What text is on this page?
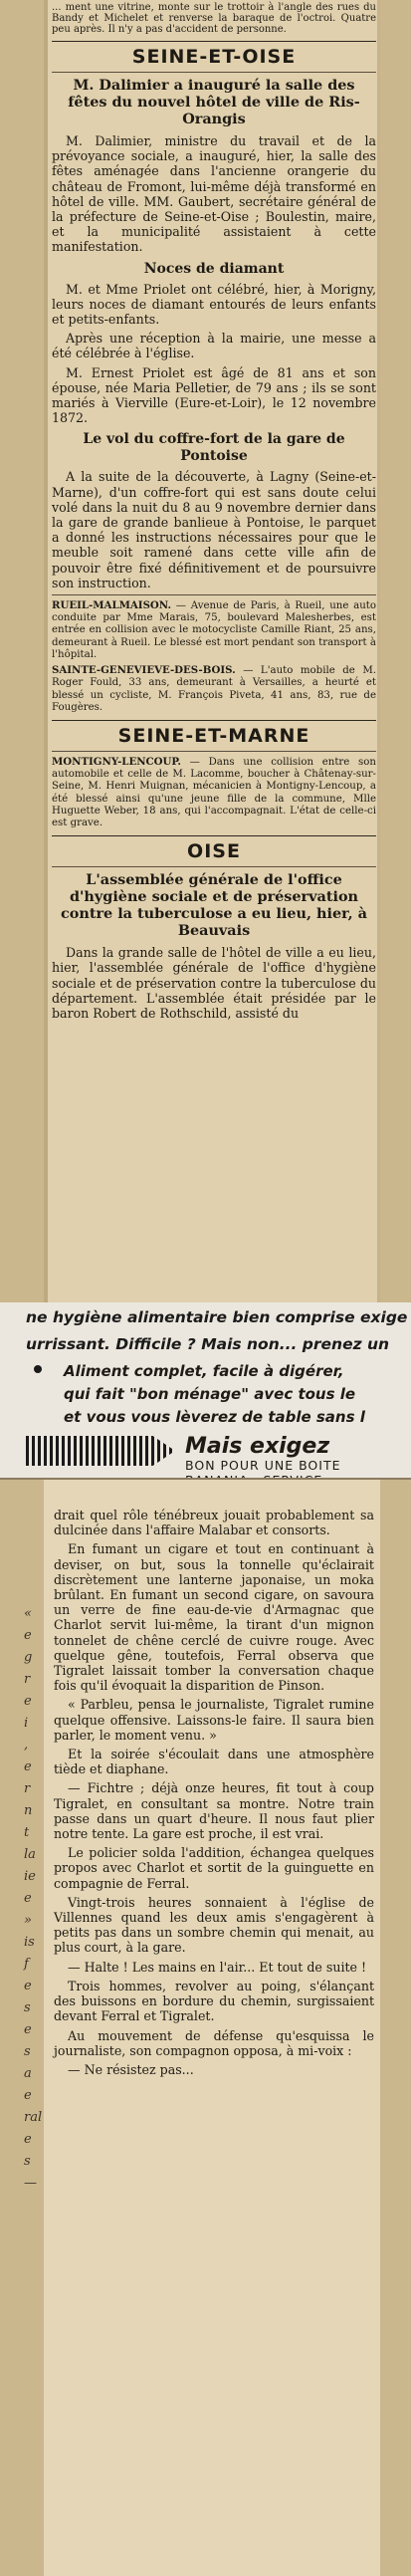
... ment une vitrine, monte sur le trottoir à l'angle des rues du Bandy et Michelet et renverse la baraque de l'octroi. Quatre peu après. Il n'y a pas d'accident de personne.

SEINE-ET-OISE
M. Dalimier a inauguré la salle des fêtes du nouvel hôtel de ville de Ris-Orangis

M. Dalimier, ministre du travail et de la prévoyance sociale, a inauguré, hier, la salle des fêtes aménagée dans l'ancienne orangerie du château de Fromont, lui-même déjà transformé en hôtel de ville. MM. Gaubert, secrétaire général de la préfecture de Seine-et-Oise ; Boulestin, maire, et la municipalité assistaient à cette manifestation.

Noces de diamant

M. et Mme Priolet ont célébré, hier, à Morigny, leurs noces de diamant entourés de leurs enfants et petits-enfants.

Après une réception à la mairie, une messe a été célébrée à l'église.

M. Ernest Priolet est âgé de 81 ans et son épouse, née Maria Pelletier, de 79 ans ; ils se sont mariés à Vierville (Eure-et-Loir), le 12 novembre 1872.

Le vol du coffre-fort de la gare de Pontoise

A la suite de la découverte, à Lagny (Seine-et-Marne), d'un coffre-fort qui est sans doute celui volé dans la nuit du 8 au 9 novembre dernier dans la gare de grande banlieue à Pontoise, le parquet a donné les instructions nécessaires pour que le meuble soit ramené dans cette ville afin de pouvoir être fixé définitivement et de poursuivre son instruction.

RUEIL-MALMAISON. — Avenue de Paris, à Rueil, une auto conduite par Mme Marais, 75, boulevard Malesherbes, est entrée en collision avec le motocycliste Camille Riant, 25 ans, demeurant à Rueil. Le blessé est mort pendant son transport à l'hôpital.

SAINTE-GENEVIEVE-DES-BOIS. — L'auto mobile de M. Roger Fould, 33 ans, demeurant à Versailles, a heurté et blessé un cycliste, M. François Piveta, 41 ans, 83, rue de Fougères.

SEINE-ET-MARNE

MONTIGNY-LENCOUP. — Dans une collision entre son automobile et celle de M. Lacomme, boucher à Châtenay-sur-Seine, M. Henri Muignan, mécanicien à Montigny-Lencoup, a été blessé ainsi qu'une jeune fille de la commune, Mlle Huguette Weber, 18 ans, qui l'accompagnait. L'état de celle-ci est grave.

OISE
L'assemblée générale de l'office d'hygiène sociale et de préservation contre la tuberculose a eu lieu, hier, à Beauvais

Dans la grande salle de l'hôtel de ville a eu lieu, hier, l'assemblée générale de l'office d'hygiène sociale et de préservation contre la tuberculose du département. L'assemblée était présidée par le baron Robert de Rothschild, assisté du

ne hygiène alimentaire bien comprise exige
urrissant. Difficile ? Mais non... prenez un
Aliment complet, facile à digérer,
qui fait "bon ménage" avec tous le
et vous vous lèverez de table sans l
Mais exigez
BON POUR UNE BOITE

drait quel rôle ténébreux jouait probablement sa dulcinée dans l'affaire Malabar et consorts.

En fumant un cigare et tout en continuant à deviser, on but, sous la tonnelle qu'éclairait discrètement une lanterne japonaise, un moka brûlant. En fumant un second cigare, on savoura un verre de fine eau-de-vie d'Armagnac que Charlot servit lui-même, la tirant d'un mignon tonnelet de chêne cerclé de cuivre rouge. Avec quelque gêne, toutefois, Ferral observa que Tigralet laissait tomber la conversation chaque fois qu'il évoquait la disparition de Pinson.

« Parbleu, pensa le journaliste, Tigralet rumine quelque offensive. Laissons-le faire. Il saura bien parler, le moment venu. »

Et la soirée s'écoulait dans une atmosphère tiède et diaphane.

— Fichtre ; déjà onze heures, fit tout à coup Tigralet, en consultant sa montre. Notre train passe dans un quart d'heure. Il nous faut plier notre tente. La gare est proche, il est vrai.

Le policier solda l'addition, échangea quelques propos avec Charlot et sortit de la guinguette en compagnie de Ferral.

Vingt-trois heures sonnaient à l'église de Villennes quand les deux amis s'engagèrent à petits pas dans un sombre chemin qui menait, au plus court, à la gare.

— Halte ! Les mains en l'air... Et tout de suite !

Trois hommes, revolver au poing, s'élançant des buissons en bordure du chemin, surgissaient devant Ferral et Tigralet.

Au mouvement de défense qu'esquissa le journaliste, son compagnon opposa, à mi-voix :

— Ne résistez pas...

«
e
g
r
e
i
,
e
r
n
t
la
ie
e
»
is
f
e
s
e
s
a
e
ral
e
s
—
